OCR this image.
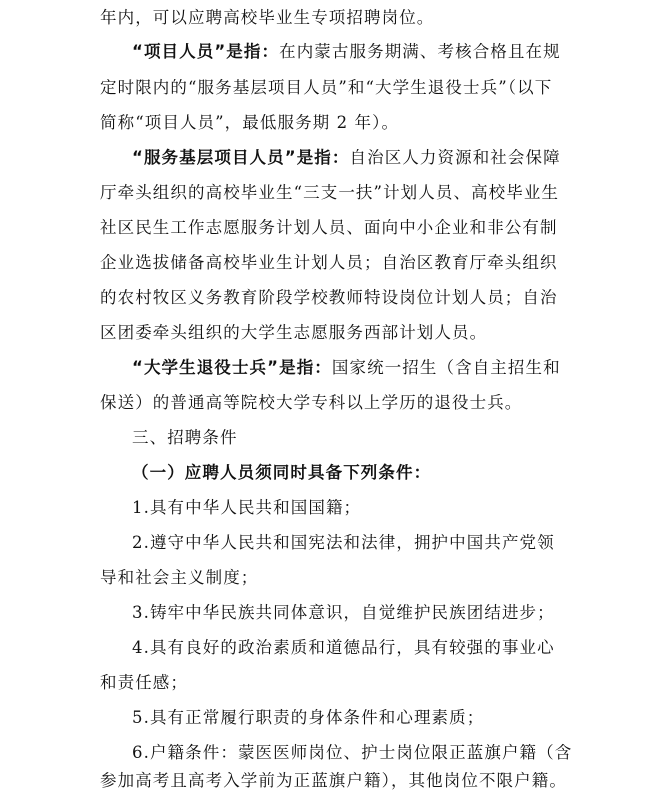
年内，可以应聘高校毕业生专项招聘岗位。
“项目人员”是指：在内蒙古服务期满、考核合格且在规
定时限内的“服务基层项目人员”和“大学生退役士兵”（以下
简称“项目人员”，最低服务期 2 年）。
“服务基层项目人员”是指：自治区人力资源和社会保障
厅牵头组织的高校毕业生“三支一扶”计划人员、高校毕业生
社区民生工作志愿服务计划人员、面向中小企业和非公有制
企业选拔储备高校毕业生计划人员；自治区教育厅牵头组织
的农村牧区义务教育阶段学校教师特设岗位计划人员；自治
区团委牵头组织的大学生志愿服务西部计划人员。
“大学生退役士兵”是指：国家统一招生（含自主招生和
保送）的普通高等院校大学专科以上学历的退役士兵。
三、招聘条件
（一）应聘人员须同时具备下列条件：
1.具有中华人民共和国国籍；
2.遵守中华人民共和国宪法和法律，拥护中国共产党领
导和社会主义制度；
3.铸牢中华民族共同体意识，自觉维护民族团结进步；
4.具有良好的政治素质和道德品行，具有较强的事业心
和责任感；
5.具有正常履行职责的身体条件和心理素质；
6.户籍条件：蒙医医师岗位、护士岗位限正蓝旗户籍（含
参加高考且高考入学前为正蓝旗户籍），其他岗位不限户籍。
